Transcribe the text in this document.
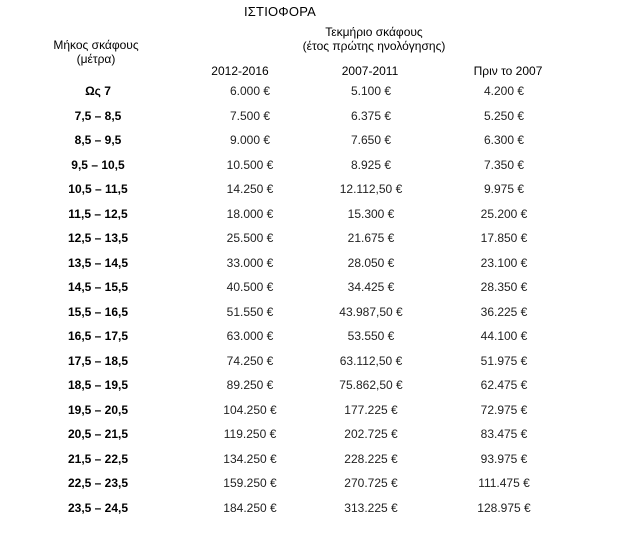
ΙΣΤΙΟΦΟΡΑ
Μήκος σκάφους
(μέτρα)
Τεκμήριο σκάφους
(έτος πρώτης ηνολόγησης)
2012-2016	2007-2011	Πριν το 2007
Ως 7	6.000 €	5.100 €	4.200 €
7,5 – 8,5	7.500 €	6.375 €	5.250 €
8,5 – 9,5	9.000 €	7.650 €	6.300 €
9,5 – 10,5	10.500 €	8.925 €	7.350 €
10,5 – 11,5	14.250 €	12.112,50 €	9.975 €
11,5 – 12,5	18.000 €	15.300 €	25.200 €
12,5 – 13,5	25.500 €	21.675 €	17.850 €
13,5 – 14,5	33.000 €	28.050 €	23.100 €
14,5 – 15,5	40.500 €	34.425 €	28.350 €
15,5 – 16,5	51.550 €	43.987,50 €	36.225 €
16,5 – 17,5	63.000 €	53.550 €	44.100 €
17,5 – 18,5	74.250 €	63.112,50 €	51.975 €
18,5 – 19,5	89.250 €	75.862,50 €	62.475 €
19,5 – 20,5	104.250 €	177.225 €	72.975 €
20,5 – 21,5	119.250 €	202.725 €	83.475 €
21,5 – 22,5	134.250 €	228.225 €	93.975 €
22,5 – 23,5	159.250 €	270.725 €	111.475 €
23,5 – 24,5	184.250 €	313.225 €	128.975 €
